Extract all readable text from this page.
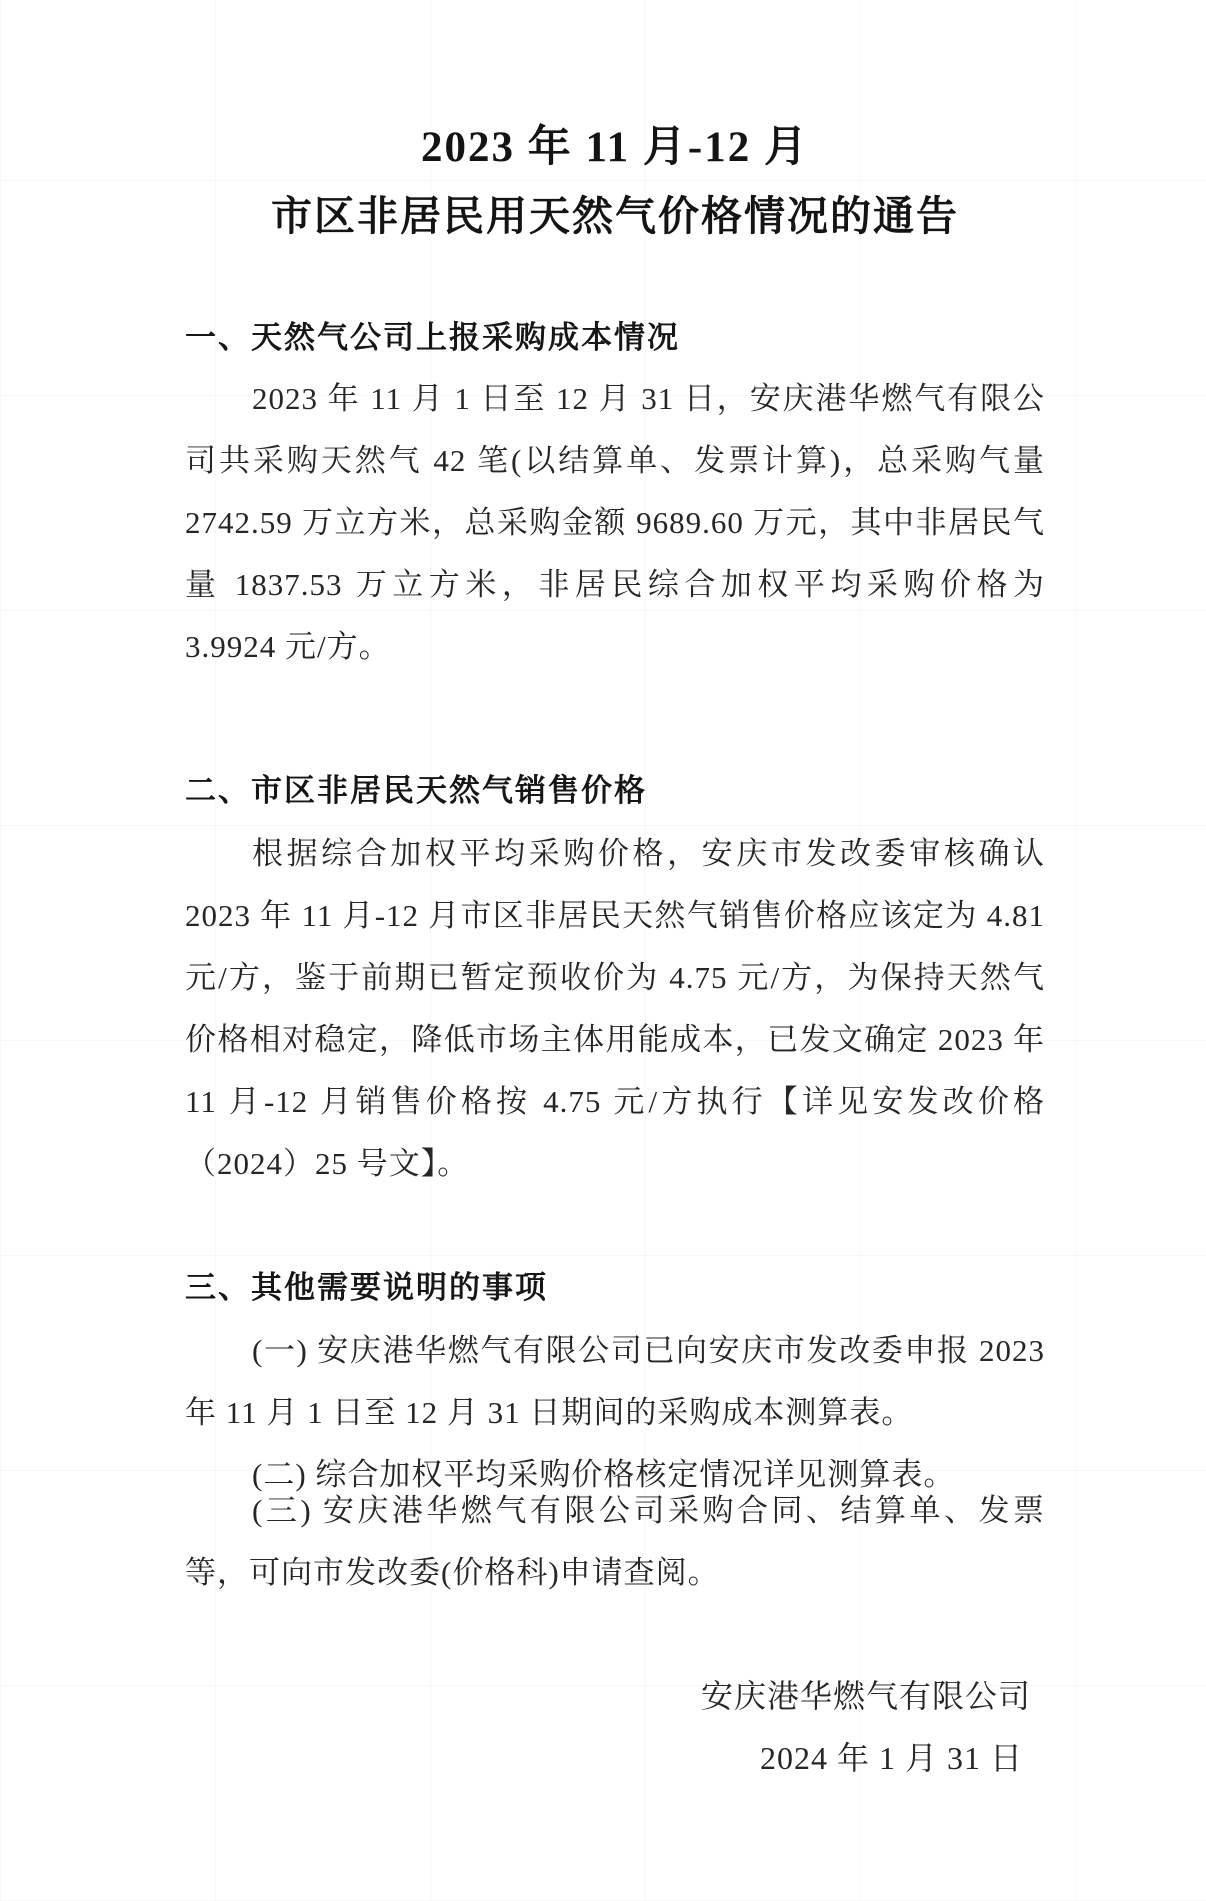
2023 年 11 月-12 月
市区非居民用天然气价格情况的通告
一、天然气公司上报采购成本情况

2023 年 11 月 1 日至 12 月 31 日，安庆港华燃气有限公司共采购天然气 42 笔(以结算单、发票计算)，总采购气量 2742.59 万立方米，总采购金额 9689.60 万元，其中非居民气量 1837.53 万立方米，非居民综合加权平均采购价格为 3.9924 元/方。

二、市区非居民天然气销售价格

根据综合加权平均采购价格，安庆市发改委审核确认 2023 年 11 月-12 月市区非居民天然气销售价格应该定为 4.81 元/方，鉴于前期已暂定预收价为 4.75 元/方，为保持天然气价格相对稳定，降低市场主体用能成本，已发文确定 2023 年 11 月-12 月销售价格按 4.75 元/方执行【详见安发改价格（2024）25 号文】。

三、其他需要说明的事项

(一) 安庆港华燃气有限公司已向安庆市发改委申报 2023 年 11 月 1 日至 12 月 31 日期间的采购成本测算表。

(二) 综合加权平均采购价格核定情况详见测算表。

(三) 安庆港华燃气有限公司采购合同、结算单、发票等，可向市发改委(价格科)申请查阅。

安庆港华燃气有限公司

2024 年 1 月 31 日
